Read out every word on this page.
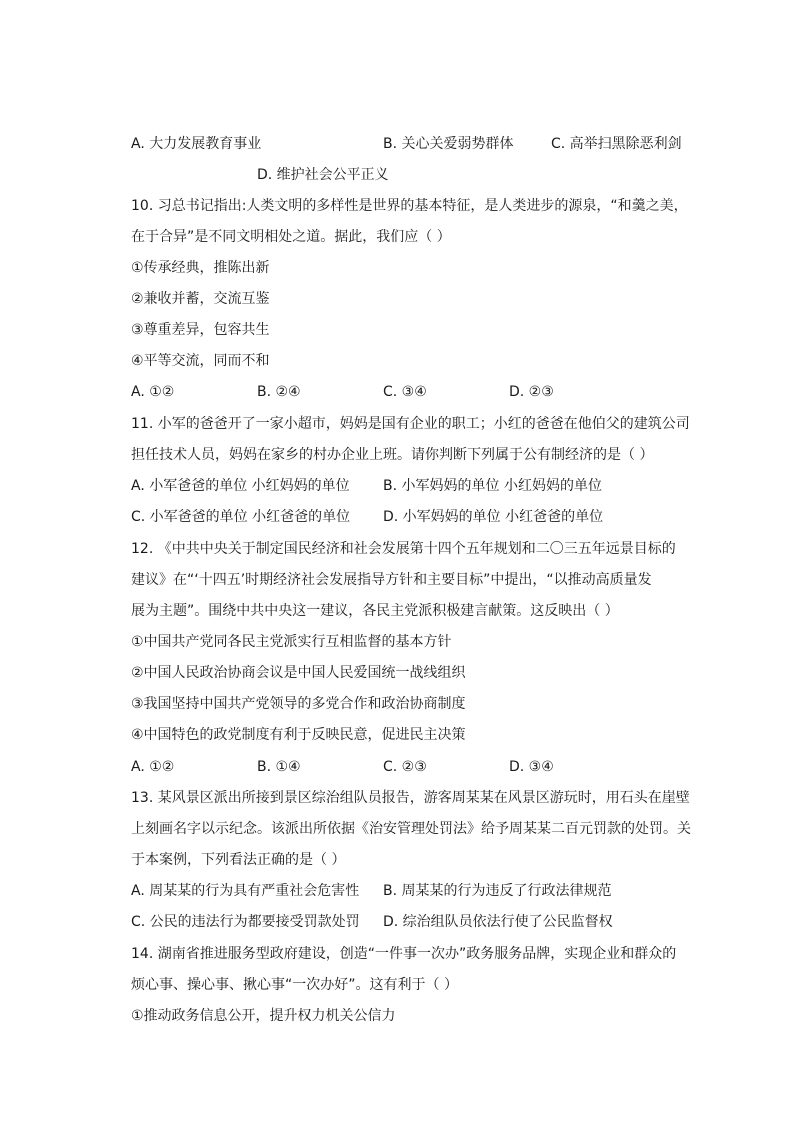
A. 大力发展教育事业	B. 关心关爱弱势群体	C. 高举扫黑除恶利剑
D. 维护社会公平正义
10. 习总书记指出:人类文明的多样性是世界的基本特征，是人类进步的源泉，“和羹之美，
在于合异”是不同文明相处之道。据此，我们应（ ）
①传承经典，推陈出新
②兼收并蓄，交流互鉴
③尊重差异，包容共生
④平等交流，同而不和
A. ①②	B. ②④	C. ③④	D. ②③
11. 小军的爸爸开了一家小超市，妈妈是国有企业的职工；小红的爸爸在他伯父的建筑公司
担任技术人员，妈妈在家乡的村办企业上班。请你判断下列属于公有制经济的是（ ）
A. 小军爸爸的单位 小红妈妈的单位 B. 小军妈妈的单位 小红妈妈的单位
C. 小军爸爸的单位 小红爸爸的单位 D. 小军妈妈的单位 小红爸爸的单位
12. 《中共中央关于制定国民经济和社会发展第十四个五年规划和二〇三五年远景目标的
建议》在“‘十四五’时期经济社会发展指导方针和主要目标”中提出，“以推动高质量发
展为主题”。围绕中共中央这一建议，各民主党派积极建言献策。这反映出（ ）
①中国共产党同各民主党派实行互相监督的基本方针
②中国人民政治协商会议是中国人民爱国统一战线组织
③我国坚持中国共产党领导的多党合作和政治协商制度
④中国特色的政党制度有利于反映民意，促进民主决策
A. ①②	B. ①④	C. ②③	D. ③④
13. 某风景区派出所接到景区综治组队员报告，游客周某某在风景区游玩时，用石头在崖壁
上刻画名字以示纪念。该派出所依据《治安管理处罚法》给予周某某二百元罚款的处罚。关
于本案例，下列看法正确的是（ ）
A. 周某某的行为具有严重社会危害性 B. 周某某的行为违反了行政法律规范
C. 公民的违法行为都要接受罚款处罚 D. 综治组队员依法行使了公民监督权
14. 湖南省推进服务型政府建设，创造“一件事一次办”政务服务品牌，实现企业和群众的
烦心事、操心事、揪心事“一次办好”。这有利于（ ）
①推动政务信息公开，提升权力机关公信力
